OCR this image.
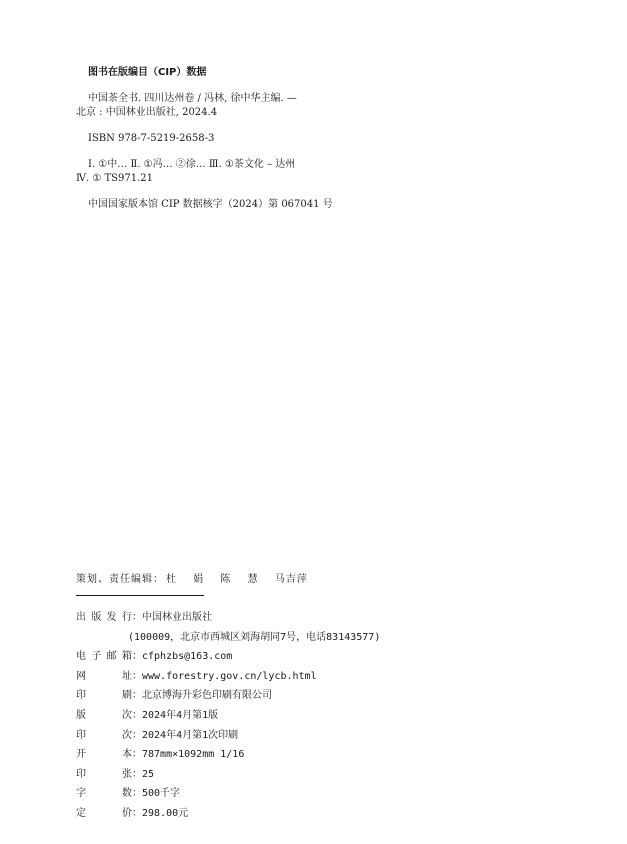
图书在版编目（CIP）数据
中国茶全书. 四川达州卷 / 冯林, 徐中华主编. —
北京 : 中国林业出版社, 2024.4
ISBN 978-7-5219-2658-3
Ⅰ. ①中… Ⅱ. ①冯… ②徐… Ⅲ. ①茶文化 – 达州
Ⅳ. ① TS971.21
中国国家版本馆 CIP 数据核字（2024）第 067041 号
策划、责任编辑： 杜 娟 陈 慧 马吉萍
出版发行 ： 中国林业出版社
(100009，北京市西城区刘海胡同7号，电话83143577)
电子邮箱 ： cfphzbs@163.com
网址 ： www.forestry.gov.cn/lycb.html
印刷 ： 北京博海升彩色印刷有限公司
版次 ： 2024年4月第1版
印次 ： 2024年4月第1次印刷
开本 ： 787mm×1092mm 1/16
印张 ： 25
字数 ： 500千字
定价 ： 298.00元
